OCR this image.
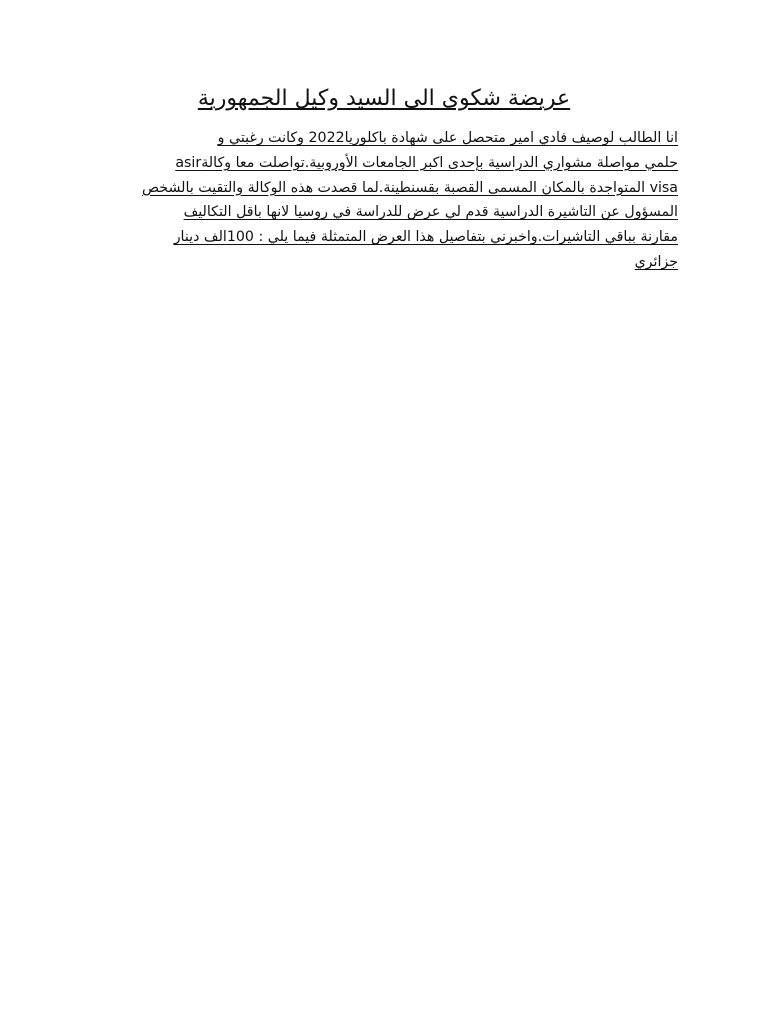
عريضة شكوى الى السيد وكيل الجمهورية
انا الطالب لوصيف فادي امير متحصل على شهادة باكلوريا2022 وكانت رغبتي و
حلمي مواصلة مشواري الدراسية بإحدى اكبر الجامعات الأوروبية.تواصلت معا وكالةasir
visa المتواجدة بالمكان المسمى القصبة بقسنطينة.لما قصدت هذه الوكالة والتقيت بالشخص
المسؤول عن التاشيرة الدراسية قدم لي عرض للدراسة في روسيا لانها باقل التكاليف
مقارنة بباقي التاشيرات.واخبرني بتفاصيل هذا العرض المتمثلة فيما يلي : 100الف دينار
جزائري
